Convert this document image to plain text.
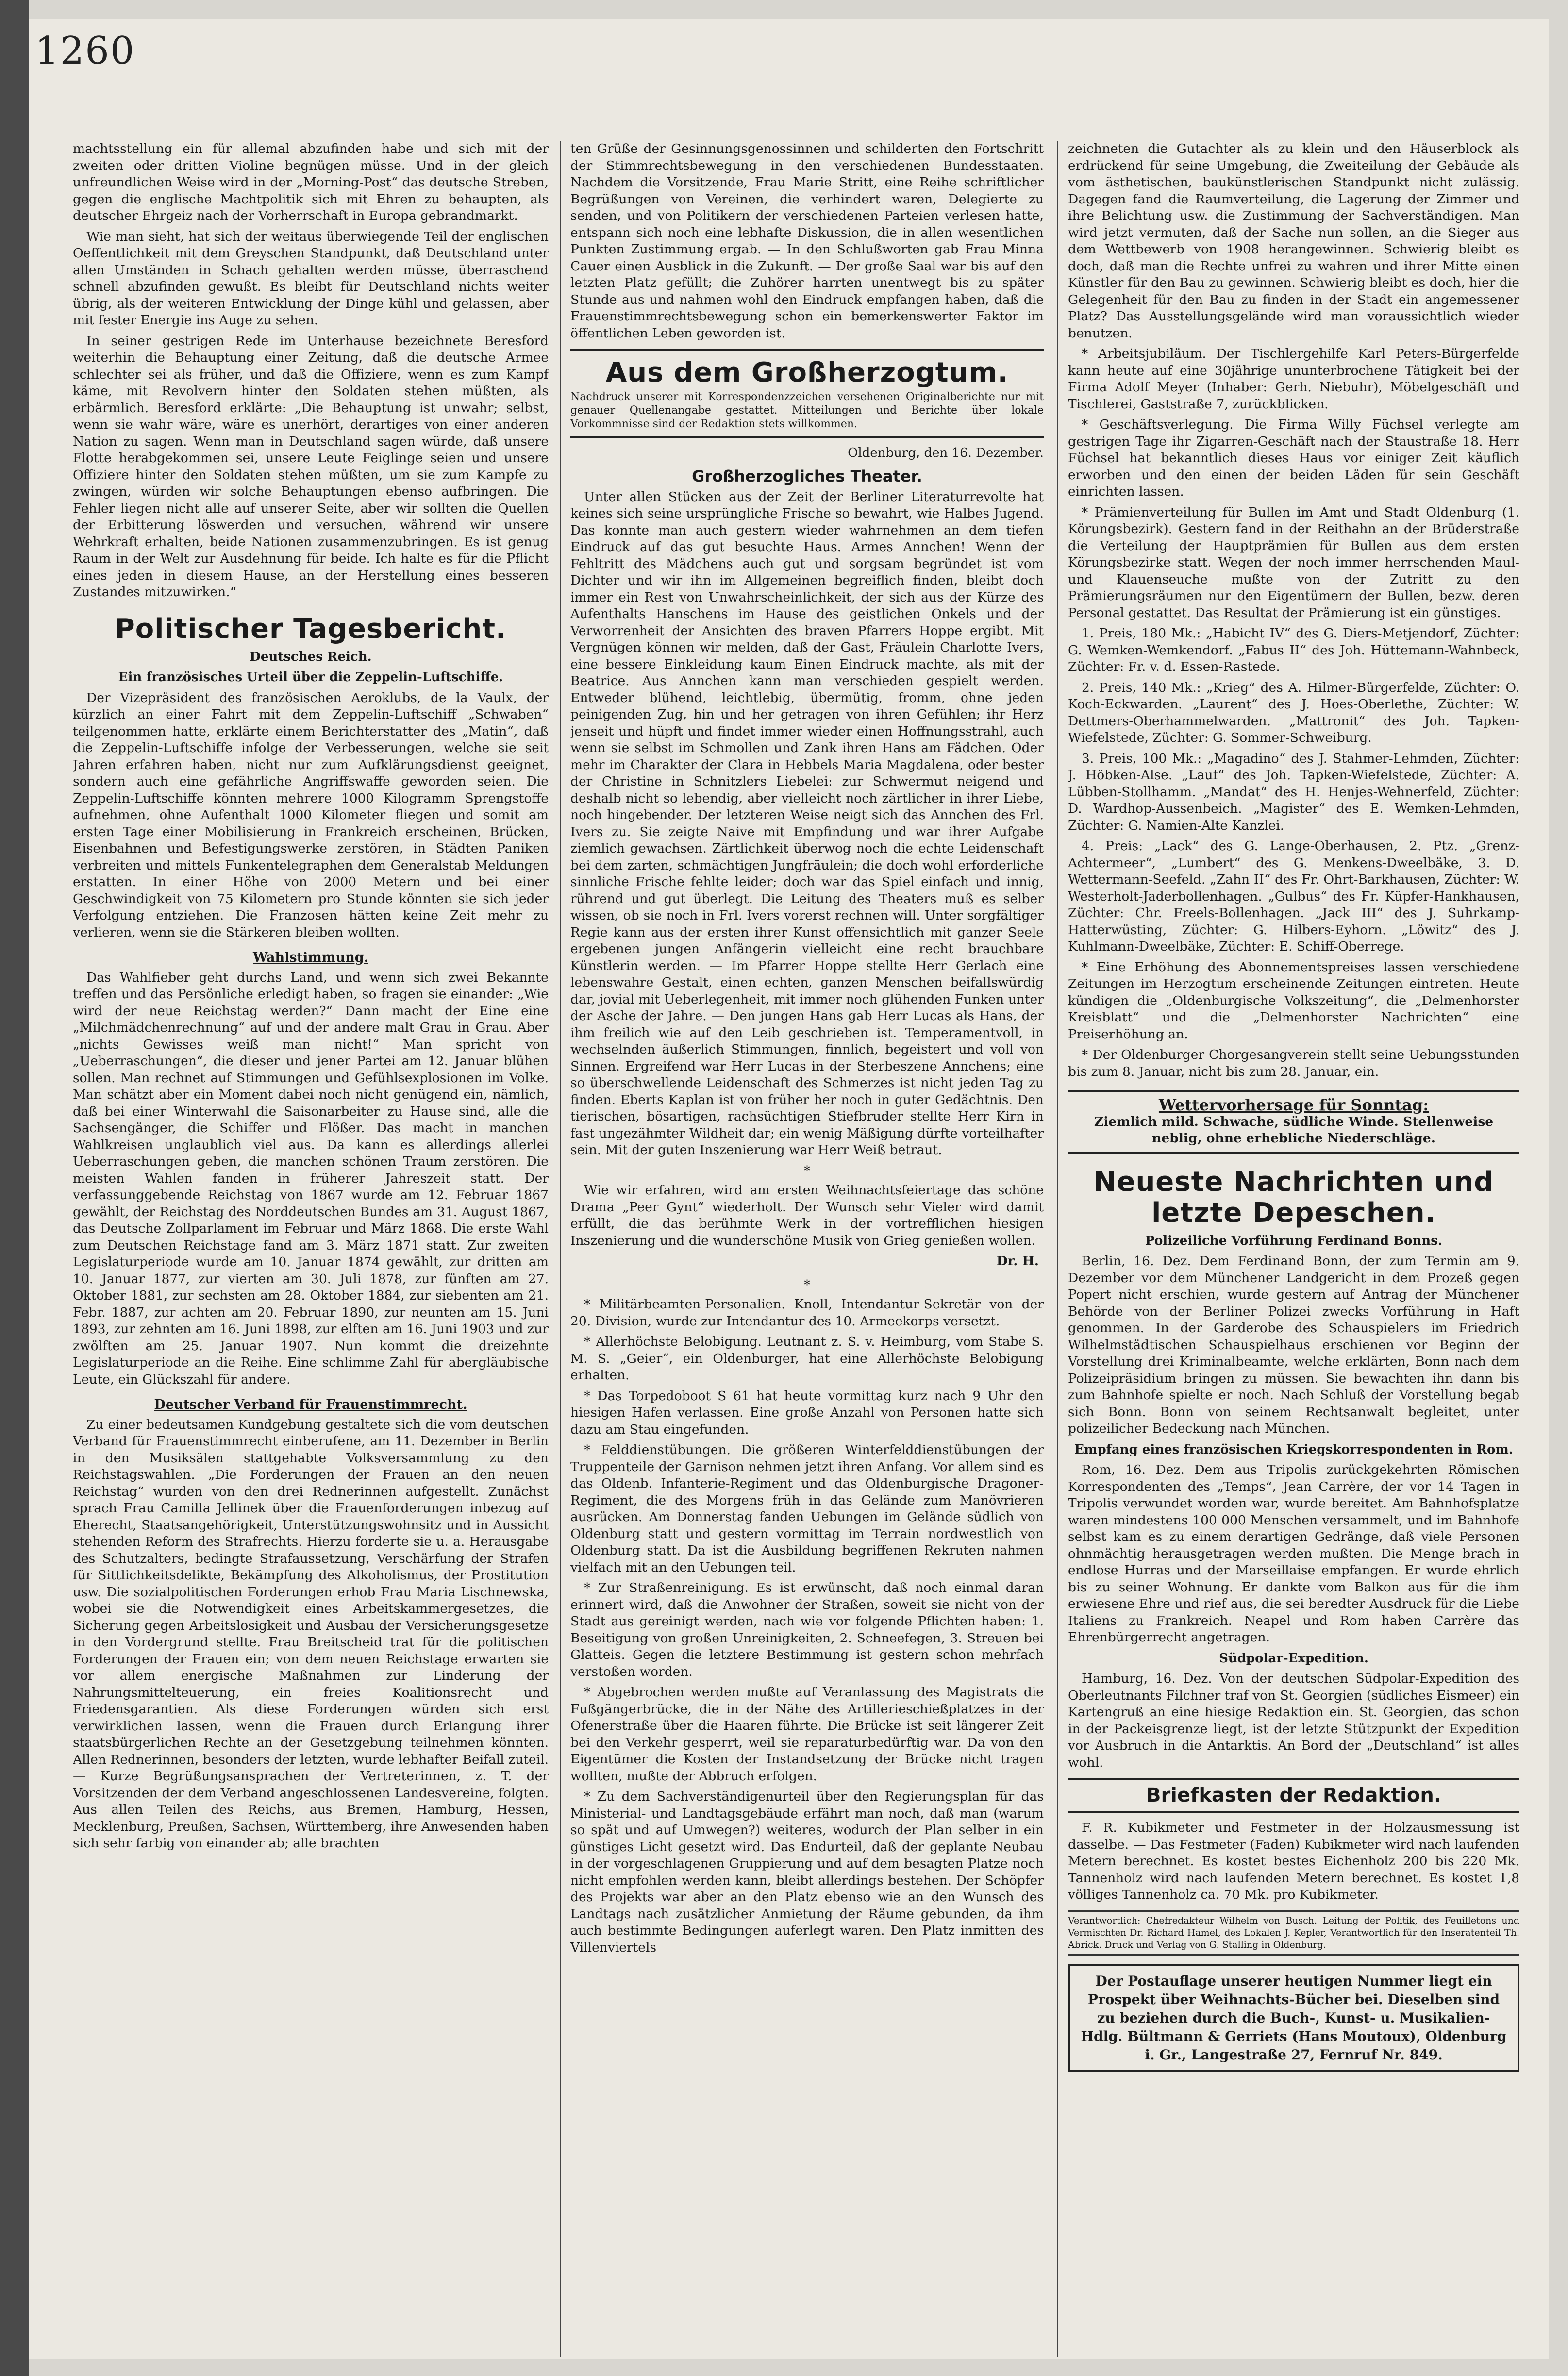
1260

machtsstellung ein für allemal abzufinden habe und sich mit der zweiten oder dritten Violine begnügen müsse. Und in der gleich unfreundlichen Weise wird in der „Morning-Post“ das deutsche Streben, gegen die englische Machtpolitik sich mit Ehren zu behaupten, als deutscher Ehrgeiz nach der Vorherrschaft in Europa gebrandmarkt.

Wie man sieht, hat sich der weitaus überwiegende Teil der englischen Oeffentlichkeit mit dem Greyschen Standpunkt, daß Deutschland unter allen Umständen in Schach gehalten werden müsse, überraschend schnell abzufinden gewußt. Es bleibt für Deutschland nichts weiter übrig, als der weiteren Entwicklung der Dinge kühl und gelassen, aber mit fester Energie ins Auge zu sehen.

In seiner gestrigen Rede im Unterhause bezeichnete Beresford weiterhin die Behauptung einer Zeitung, daß die deutsche Armee schlechter sei als früher, und daß die Offiziere, wenn es zum Kampf käme, mit Revolvern hinter den Soldaten stehen müßten, als erbärmlich. Beresford erklärte: „Die Behauptung ist unwahr; selbst, wenn sie wahr wäre, wäre es unerhört, derartiges von einer anderen Nation zu sagen. Wenn man in Deutschland sagen würde, daß unsere Flotte herabgekommen sei, unsere Leute Feiglinge seien und unsere Offiziere hinter den Soldaten stehen müßten, um sie zum Kampfe zu zwingen, würden wir solche Behauptungen ebenso aufbringen. Die Fehler liegen nicht alle auf unserer Seite, aber wir sollten die Quellen der Erbitterung löswerden und versuchen, während wir unsere Wehrkraft erhalten, beide Nationen zusammenzubringen. Es ist genug Raum in der Welt zur Ausdehnung für beide. Ich halte es für die Pflicht eines jeden in diesem Hause, an der Herstellung eines besseren Zustandes mitzuwirken.“

Politischer Tagesbericht.
Deutsches Reich.
Ein französisches Urteil über die Zeppelin-Luftschiffe.

Der Vizepräsident des französischen Aeroklubs, de la Vaulx, der kürzlich an einer Fahrt mit dem Zeppelin-Luftschiff „Schwaben“ teilgenommen hatte, erklärte einem Berichterstatter des „Matin“, daß die Zeppelin-Luftschiffe infolge der Verbesserungen, welche sie seit Jahren erfahren haben, nicht nur zum Aufklärungsdienst geeignet, sondern auch eine gefährliche Angriffswaffe geworden seien. Die Zeppelin-Luftschiffe könnten mehrere 1000 Kilogramm Sprengstoffe aufnehmen, ohne Aufenthalt 1000 Kilometer fliegen und somit am ersten Tage einer Mobilisierung in Frankreich erscheinen, Brücken, Eisenbahnen und Befestigungswerke zerstören, in Städten Paniken verbreiten und mittels Funkentelegraphen dem Generalstab Meldungen erstatten. In einer Höhe von 2000 Metern und bei einer Geschwindigkeit von 75 Kilometern pro Stunde könnten sie sich jeder Verfolgung entziehen. Die Franzosen hätten keine Zeit mehr zu verlieren, wenn sie die Stärkeren bleiben wollten.

Wahlstimmung.

Das Wahlfieber geht durchs Land, und wenn sich zwei Bekannte treffen und das Persönliche erledigt haben, so fragen sie einander: „Wie wird der neue Reichstag werden?“ Dann macht der Eine eine „Milchmädchenrechnung“ auf und der andere malt Grau in Grau. Aber „nichts Gewisses weiß man nicht!“ Man spricht von „Ueberraschungen“, die dieser und jener Partei am 12. Januar blühen sollen. Man rechnet auf Stimmungen und Gefühlsexplosionen im Volke. Man schätzt aber ein Moment dabei noch nicht genügend ein, nämlich, daß bei einer Winterwahl die Saisonarbeiter zu Hause sind, alle die Sachsengänger, die Schiffer und Flößer. Das macht in manchen Wahlkreisen unglaublich viel aus. Da kann es allerdings allerlei Ueberraschungen geben, die manchen schönen Traum zerstören. Die meisten Wahlen fanden in früherer Jahreszeit statt. Der verfassunggebende Reichstag von 1867 wurde am 12. Februar 1867 gewählt, der Reichstag des Norddeutschen Bundes am 31. August 1867, das Deutsche Zollparlament im Februar und März 1868. Die erste Wahl zum Deutschen Reichstage fand am 3. März 1871 statt. Zur zweiten Legislaturperiode wurde am 10. Januar 1874 gewählt, zur dritten am 10. Januar 1877, zur vierten am 30. Juli 1878, zur fünften am 27. Oktober 1881, zur sechsten am 28. Oktober 1884, zur siebenten am 21. Febr. 1887, zur achten am 20. Februar 1890, zur neunten am 15. Juni 1893, zur zehnten am 16. Juni 1898, zur elften am 16. Juni 1903 und zur zwölften am 25. Januar 1907. Nun kommt die dreizehnte Legislaturperiode an die Reihe. Eine schlimme Zahl für abergläubische Leute, ein Glückszahl für andere.

Deutscher Verband für Frauenstimmrecht.

Zu einer bedeutsamen Kundgebung gestaltete sich die vom deutschen Verband für Frauenstimmrecht einberufene, am 11. Dezember in Berlin in den Musiksälen stattgehabte Volksversammlung zu den Reichstagswahlen. „Die Forderungen der Frauen an den neuen Reichstag“ wurden von den drei Rednerinnen aufgestellt. Zunächst sprach Frau Camilla Jellinek über die Frauenforderungen inbezug auf Eherecht, Staatsangehörigkeit, Unterstützungswohnsitz und in Aussicht stehenden Reform des Strafrechts. Hierzu forderte sie u. a. Herausgabe des Schutzalters, bedingte Strafaussetzung, Verschärfung der Strafen für Sittlichkeitsdelikte, Bekämpfung des Alkoholismus, der Prostitution usw. Die sozialpolitischen Forderungen erhob Frau Maria Lischnewska, wobei sie die Notwendigkeit eines Arbeitskammergesetzes, die Sicherung gegen Arbeitslosigkeit und Ausbau der Versicherungsgesetze in den Vordergrund stellte. Frau Breitscheid trat für die politischen Forderungen der Frauen ein; von dem neuen Reichstage erwarten sie vor allem energische Maßnahmen zur Linderung der Nahrungsmittelteuerung, ein freies Koalitionsrecht und Friedensgarantien. Als diese Forderungen würden sich erst verwirklichen lassen, wenn die Frauen durch Erlangung ihrer staatsbürgerlichen Rechte an der Gesetzgebung teilnehmen könnten. Allen Rednerinnen, besonders der letzten, wurde lebhafter Beifall zuteil. — Kurze Begrüßungsansprachen der Vertreterinnen, z. T. der Vorsitzenden der dem Verband angeschlossenen Landesvereine, folgten. Aus allen Teilen des Reichs, aus Bremen, Hamburg, Hessen, Mecklenburg, Preußen, Sachsen, Württemberg, ihre Anwesenden haben sich sehr farbig von einander ab; alle brachten

ten Grüße der Gesinnungsgenossinnen und schilderten den Fortschritt der Stimmrechtsbewegung in den verschiedenen Bundesstaaten. Nachdem die Vorsitzende, Frau Marie Stritt, eine Reihe schriftlicher Begrüßungen von Vereinen, die verhindert waren, Delegierte zu senden, und von Politikern der verschiedenen Parteien verlesen hatte, entspann sich noch eine lebhafte Diskussion, die in allen wesentlichen Punkten Zustimmung ergab. — In den Schlußworten gab Frau Minna Cauer einen Ausblick in die Zukunft. — Der große Saal war bis auf den letzten Platz gefüllt; die Zuhörer harrten unentwegt bis zu später Stunde aus und nahmen wohl den Eindruck empfangen haben, daß die Frauenstimmrechtsbewegung schon ein bemerkenswerter Faktor im öffentlichen Leben geworden ist.

Aus dem Großherzogtum.
Nachdruck unserer mit Korrespondenzzeichen versehenen Originalberichte nur mit genauer Quellenangabe gestattet. Mitteilungen und Berichte über lokale Vorkommnisse sind der Redaktion stets willkommen.
Oldenburg, den 16. Dezember.
Großherzogliches Theater.

Unter allen Stücken aus der Zeit der Berliner Literaturrevolte hat keines sich seine ursprüngliche Frische so bewahrt, wie Halbes Jugend. Das konnte man auch gestern wieder wahrnehmen an dem tiefen Eindruck auf das gut besuchte Haus. Armes Annchen! Wenn der Fehltritt des Mädchens auch gut und sorgsam begründet ist vom Dichter und wir ihn im Allgemeinen begreiflich finden, bleibt doch immer ein Rest von Unwahrscheinlichkeit, der sich aus der Kürze des Aufenthalts Hanschens im Hause des geistlichen Onkels und der Verworrenheit der Ansichten des braven Pfarrers Hoppe ergibt. Mit Vergnügen können wir melden, daß der Gast, Fräulein Charlotte Ivers, eine bessere Einkleidung kaum Einen Eindruck machte, als mit der Beatrice. Aus Annchen kann man verschieden gespielt werden. Entweder blühend, leichtlebig, übermütig, fromm, ohne jeden peinigenden Zug, hin und her getragen von ihren Gefühlen; ihr Herz jenseit und hüpft und findet immer wieder einen Hoffnungsstrahl, auch wenn sie selbst im Schmollen und Zank ihren Hans am Fädchen. Oder mehr im Charakter der Clara in Hebbels Maria Magdalena, oder bester der Christine in Schnitzlers Liebelei: zur Schwermut neigend und deshalb nicht so lebendig, aber vielleicht noch zärtlicher in ihrer Liebe, noch hingebender. Der letzteren Weise neigt sich das Annchen des Frl. Ivers zu. Sie zeigte Naive mit Empfindung und war ihrer Aufgabe ziemlich gewachsen. Zärtlichkeit überwog noch die echte Leidenschaft bei dem zarten, schmächtigen Jungfräulein; die doch wohl erforderliche sinnliche Frische fehlte leider; doch war das Spiel einfach und innig, rührend und gut überlegt. Die Leitung des Theaters muß es selber wissen, ob sie noch in Frl. Ivers vorerst rechnen will. Unter sorgfältiger Regie kann aus der ersten ihrer Kunst offensichtlich mit ganzer Seele ergebenen jungen Anfängerin vielleicht eine recht brauchbare Künstlerin werden. — Im Pfarrer Hoppe stellte Herr Gerlach eine lebenswahre Gestalt, einen echten, ganzen Menschen beifallswürdig dar, jovial mit Ueberlegenheit, mit immer noch glühenden Funken unter der Asche der Jahre. — Den jungen Hans gab Herr Lucas als Hans, der ihm freilich wie auf den Leib geschrieben ist. Temperamentvoll, in wechselnden äußerlich Stimmungen, finnlich, begeistert und voll von Sinnen. Ergreifend war Herr Lucas in der Sterbeszene Annchens; eine so überschwellende Leidenschaft des Schmerzes ist nicht jeden Tag zu finden. Eberts Kaplan ist von früher her noch in guter Gedächtnis. Den tierischen, bösartigen, rachsüchtigen Stiefbruder stellte Herr Kirn in fast ungezähmter Wildheit dar; ein wenig Mäßigung dürfte vorteilhafter sein. Mit der guten Inszenierung war Herr Weiß betraut.

*

Wie wir erfahren, wird am ersten Weihnachtsfeiertage das schöne Drama „Peer Gynt“ wiederholt. Der Wunsch sehr Vieler wird damit erfüllt, die das berühmte Werk in der vortrefflichen hiesigen Inszenierung und die wunderschöne Musik von Grieg genießen wollen.

Dr. H.
*

* Militärbeamten-Personalien. Knoll, Intendantur-Sekretär von der 20. Division, wurde zur Intendantur des 10. Armeekorps versetzt.

* Allerhöchste Belobigung. Leutnant z. S. v. Heimburg, vom Stabe S. M. S. „Geier“, ein Oldenburger, hat eine Allerhöchste Belobigung erhalten.

* Das Torpedoboot S 61 hat heute vormittag kurz nach 9 Uhr den hiesigen Hafen verlassen. Eine große Anzahl von Personen hatte sich dazu am Stau eingefunden.

* Felddienstübungen. Die größeren Winterfelddienstübungen der Truppenteile der Garnison nehmen jetzt ihren Anfang. Vor allem sind es das Oldenb. Infanterie-Regiment und das Oldenburgische Dragoner-Regiment, die des Morgens früh in das Gelände zum Manövrieren ausrücken. Am Donnerstag fanden Uebungen im Gelände südlich von Oldenburg statt und gestern vormittag im Terrain nordwestlich von Oldenburg statt. Da ist die Ausbildung begriffenen Rekruten nahmen vielfach mit an den Uebungen teil.

* Zur Straßenreinigung. Es ist erwünscht, daß noch einmal daran erinnert wird, daß die Anwohner der Straßen, soweit sie nicht von der Stadt aus gereinigt werden, nach wie vor folgende Pflichten haben: 1. Beseitigung von großen Unreinigkeiten, 2. Schneefegen, 3. Streuen bei Glatteis. Gegen die letztere Bestimmung ist gestern schon mehrfach verstoßen worden.

* Abgebrochen werden mußte auf Veranlassung des Magistrats die Fußgängerbrücke, die in der Nähe des Artillerieschießplatzes in der Ofenerstraße über die Haaren führte. Die Brücke ist seit längerer Zeit bei den Verkehr gesperrt, weil sie reparaturbedürftig war. Da von den Eigentümer die Kosten der Instandsetzung der Brücke nicht tragen wollten, mußte der Abbruch erfolgen.

* Zu dem Sachverständigenurteil über den Regierungsplan für das Ministerial- und Landtagsgebäude erfährt man noch, daß man (warum so spät und auf Umwegen?) weiteres, wodurch der Plan selber in ein günstiges Licht gesetzt wird. Das Endurteil, daß der geplante Neubau in der vorgeschlagenen Gruppierung und auf dem besagten Platze noch nicht empfohlen werden kann, bleibt allerdings bestehen. Der Schöpfer des Projekts war aber an den Platz ebenso wie an den Wunsch des Landtags nach zusätzlicher Anmietung der Räume gebunden, da ihm auch bestimmte Bedingungen auferlegt waren. Den Platz inmitten des Villenviertels

zeichneten die Gutachter als zu klein und den Häuserblock als erdrückend für seine Umgebung, die Zweiteilung der Gebäude als vom ästhetischen, baukünstlerischen Standpunkt nicht zulässig. Dagegen fand die Raumverteilung, die Lagerung der Zimmer und ihre Belichtung usw. die Zustimmung der Sachverständigen. Man wird jetzt vermuten, daß der Sache nun sollen, an die Sieger aus dem Wettbewerb von 1908 herangewinnen. Schwierig bleibt es doch, daß man die Rechte unfrei zu wahren und ihrer Mitte einen Künstler für den Bau zu gewinnen. Schwierig bleibt es doch, hier die Gelegenheit für den Bau zu finden in der Stadt ein angemessener Platz? Das Ausstellungsgelände wird man voraussichtlich wieder benutzen.

* Arbeitsjubiläum. Der Tischlergehilfe Karl Peters-Bürgerfelde kann heute auf eine 30jährige ununterbrochene Tätigkeit bei der Firma Adolf Meyer (Inhaber: Gerh. Niebuhr), Möbelgeschäft und Tischlerei, Gaststraße 7, zurückblicken.

* Geschäftsverlegung. Die Firma Willy Füchsel verlegte am gestrigen Tage ihr Zigarren-Geschäft nach der Staustraße 18. Herr Füchsel hat bekanntlich dieses Haus vor einiger Zeit käuflich erworben und den einen der beiden Läden für sein Geschäft einrichten lassen.

* Prämienverteilung für Bullen im Amt und Stadt Oldenburg (1. Körungsbezirk). Gestern fand in der Reithahn an der Brüderstraße die Verteilung der Hauptprämien für Bullen aus dem ersten Körungsbezirke statt. Wegen der noch immer herrschenden Maul- und Klauenseuche mußte von der Zutritt zu den Prämierungsräumen nur den Eigentümern der Bullen, bezw. deren Personal gestattet. Das Resultat der Prämierung ist ein günstiges.

1. Preis, 180 Mk.: „Habicht IV“ des G. Diers-Metjendorf, Züchter: G. Wemken-Wemkendorf. „Fabus II“ des Joh. Hüttemann-Wahnbeck, Züchter: Fr. v. d. Essen-Rastede.

2. Preis, 140 Mk.: „Krieg“ des A. Hilmer-Bürgerfelde, Züchter: O. Koch-Eckwarden. „Laurent“ des J. Hoes-Oberlethe, Züchter: W. Dettmers-Oberhammelwarden. „Mattronit“ des Joh. Tapken-Wiefelstede, Züchter: G. Sommer-Schweiburg.

3. Preis, 100 Mk.: „Magadino“ des J. Stahmer-Lehmden, Züchter: J. Höbken-Alse. „Lauf“ des Joh. Tapken-Wiefelstede, Züchter: A. Lübben-Stollhamm. „Mandat“ des H. Henjes-Wehnerfeld, Züchter: D. Wardhop-Aussenbeich. „Magister“ des E. Wemken-Lehmden, Züchter: G. Namien-Alte Kanzlei.

4. Preis: „Lack“ des G. Lange-Oberhausen, 2. Ptz. „Grenz-Achtermeer“, „Lumbert“ des G. Menkens-Dweelbäke, 3. D. Wettermann-Seefeld. „Zahn II“ des Fr. Ohrt-Barkhausen, Züchter: W. Westerholt-Jaderbollenhagen. „Gulbus“ des Fr. Küpfer-Hankhausen, Züchter: Chr. Freels-Bollenhagen. „Jack III“ des J. Suhrkamp-Hatterwüsting, Züchter: G. Hilbers-Eyhorn. „Löwitz“ des J. Kuhlmann-Dweelbäke, Züchter: E. Schiff-Oberrege.

* Eine Erhöhung des Abonnementspreises lassen verschiedene Zeitungen im Herzogtum erscheinende Zeitungen eintreten. Heute kündigen die „Oldenburgische Volkszeitung“, die „Delmenhorster Kreisblatt“ und die „Delmenhorster Nachrichten“ eine Preiserhöhung an.

* Der Oldenburger Chorgesangverein stellt seine Uebungsstunden bis zum 8. Januar, nicht bis zum 28. Januar, ein.

Wettervorhersage für Sonntag:
Ziemlich mild. Schwache, südliche Winde. Stellenweise neblig, ohne erhebliche Niederschläge.
Neueste Nachrichten und letzte Depeschen.
Polizeiliche Vorführung Ferdinand Bonns.

Berlin, 16. Dez. Dem Ferdinand Bonn, der zum Termin am 9. Dezember vor dem Münchener Landgericht in dem Prozeß gegen Popert nicht erschien, wurde gestern auf Antrag der Münchener Behörde von der Berliner Polizei zwecks Vorführung in Haft genommen. In der Garderobe des Schauspielers im Friedrich Wilhelmstädtischen Schauspielhaus erschienen vor Beginn der Vorstellung drei Kriminalbeamte, welche erklärten, Bonn nach dem Polizeipräsidium bringen zu müssen. Sie bewachten ihn dann bis zum Bahnhofe spielte er noch. Nach Schluß der Vorstellung begab sich Bonn. Bonn von seinem Rechtsanwalt begleitet, unter polizeilicher Bedeckung nach München.

Empfang eines französischen Kriegskorrespondenten in Rom.

Rom, 16. Dez. Dem aus Tripolis zurückgekehrten Römischen Korrespondenten des „Temps“, Jean Carrère, der vor 14 Tagen in Tripolis verwundet worden war, wurde bereitet. Am Bahnhofsplatze waren mindestens 100 000 Menschen versammelt, und im Bahnhofe selbst kam es zu einem derartigen Gedränge, daß viele Personen ohnmächtig herausgetragen werden mußten. Die Menge brach in endlose Hurras und der Marseillaise empfangen. Er wurde ehrlich bis zu seiner Wohnung. Er dankte vom Balkon aus für die ihm erwiesene Ehre und rief aus, die sei beredter Ausdruck für die Liebe Italiens zu Frankreich. Neapel und Rom haben Carrère das Ehrenbürgerrecht angetragen.

Südpolar-Expedition.

Hamburg, 16. Dez. Von der deutschen Südpolar-Expedition des Oberleutnants Filchner traf von St. Georgien (südliches Eismeer) ein Kartengruß an eine hiesige Redaktion ein. St. Georgien, das schon in der Packeisgrenze liegt, ist der letzte Stützpunkt der Expedition vor Ausbruch in die Antarktis. An Bord der „Deutschland“ ist alles wohl.

Briefkasten der Redaktion.

F. R. Kubikmeter und Festmeter in der Holzausmessung ist dasselbe. — Das Festmeter (Faden) Kubikmeter wird nach laufenden Metern berechnet. Es kostet bestes Eichenholz 200 bis 220 Mk. Tannenholz wird nach laufenden Metern berechnet. Es kostet 1,8 völliges Tannenholz ca. 70 Mk. pro Kubikmeter.

Verantwortlich: Chefredakteur Wilhelm von Busch. Leitung der Politik, des Feuilletons und Vermischten Dr. Richard Hamel, des Lokalen J. Kepler, Verantwortlich für den Inseratenteil Th. Abrick. Druck und Verlag von G. Stalling in Oldenburg.
Der Postauflage unserer heutigen Nummer liegt ein Prospekt über Weihnachts-Bücher bei. Dieselben sind zu beziehen durch die Buch-, Kunst- u. Musikalien-Hdlg. Bültmann & Gerriets (Hans Moutoux), Oldenburg i. Gr., Langestraße 27, Fernruf Nr. 849.
